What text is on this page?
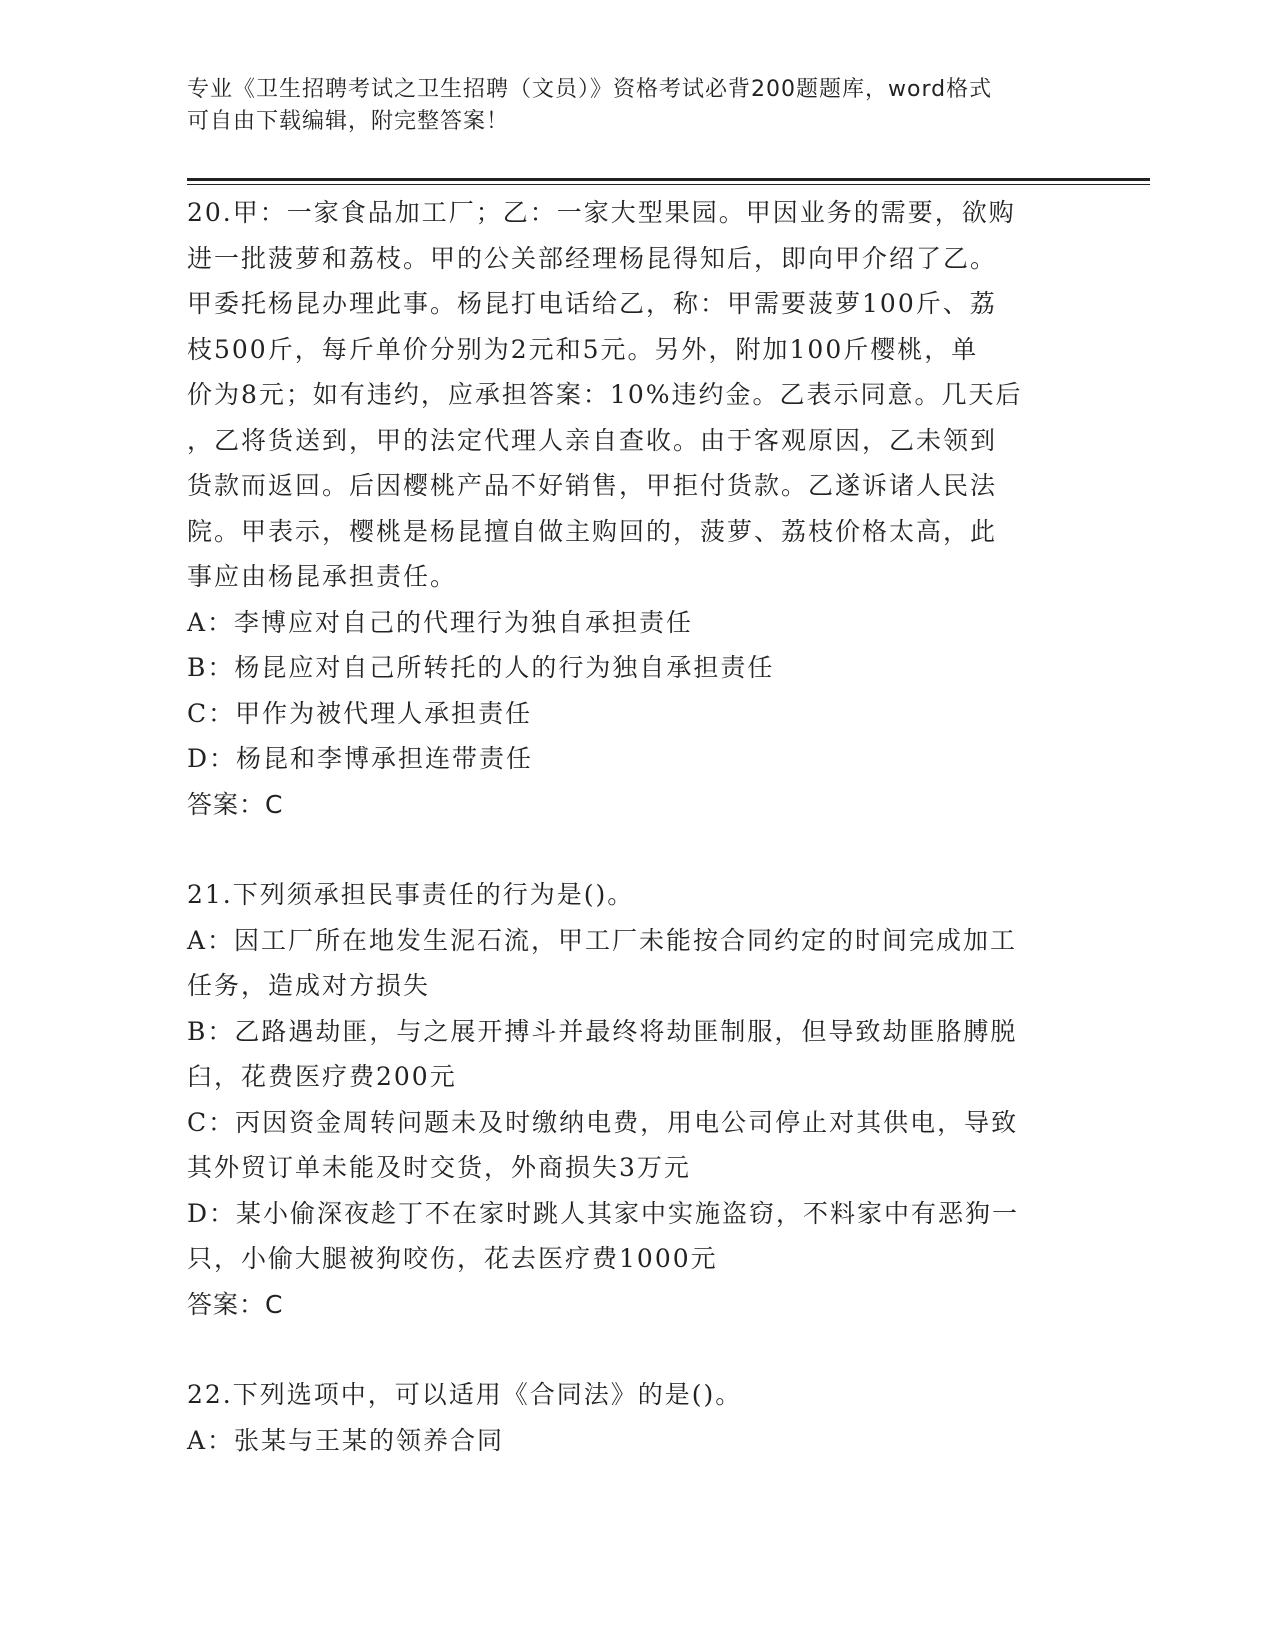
专业《卫生招聘考试之卫生招聘（文员）》资格考试必背200题题库，word格式
可自由下载编辑，附完整答案！
20.甲：一家食品加工厂；乙：一家大型果园。甲因业务的需要，欲购
进一批菠萝和荔枝。甲的公关部经理杨昆得知后，即向甲介绍了乙。
甲委托杨昆办理此事。杨昆打电话给乙，称：甲需要菠萝100斤、荔
枝500斤，每斤单价分别为2元和5元。另外，附加100斤樱桃，单
价为8元；如有违约，应承担答案：10%违约金。乙表示同意。几天后
，乙将货送到，甲的法定代理人亲自查收。由于客观原因，乙未领到
货款而返回。后因樱桃产品不好销售，甲拒付货款。乙遂诉诸人民法
院。甲表示，樱桃是杨昆擅自做主购回的，菠萝、荔枝价格太高，此
事应由杨昆承担责任。
A：李博应对自己的代理行为独自承担责任
B：杨昆应对自己所转托的人的行为独自承担责任
C：甲作为被代理人承担责任
D：杨昆和李博承担连带责任
答案：C
21.下列须承担民事责任的行为是()。
A：因工厂所在地发生泥石流，甲工厂未能按合同约定的时间完成加工
任务，造成对方损失
B：乙路遇劫匪，与之展开搏斗并最终将劫匪制服，但导致劫匪胳膊脱
臼，花费医疗费200元
C：丙因资金周转问题未及时缴纳电费，用电公司停止对其供电，导致
其外贸订单未能及时交货，外商损失3万元
D：某小偷深夜趁丁不在家时跳人其家中实施盗窃，不料家中有恶狗一
只，小偷大腿被狗咬伤，花去医疗费1000元
答案：C
22.下列选项中，可以适用《合同法》的是()。
A：张某与王某的领养合同
